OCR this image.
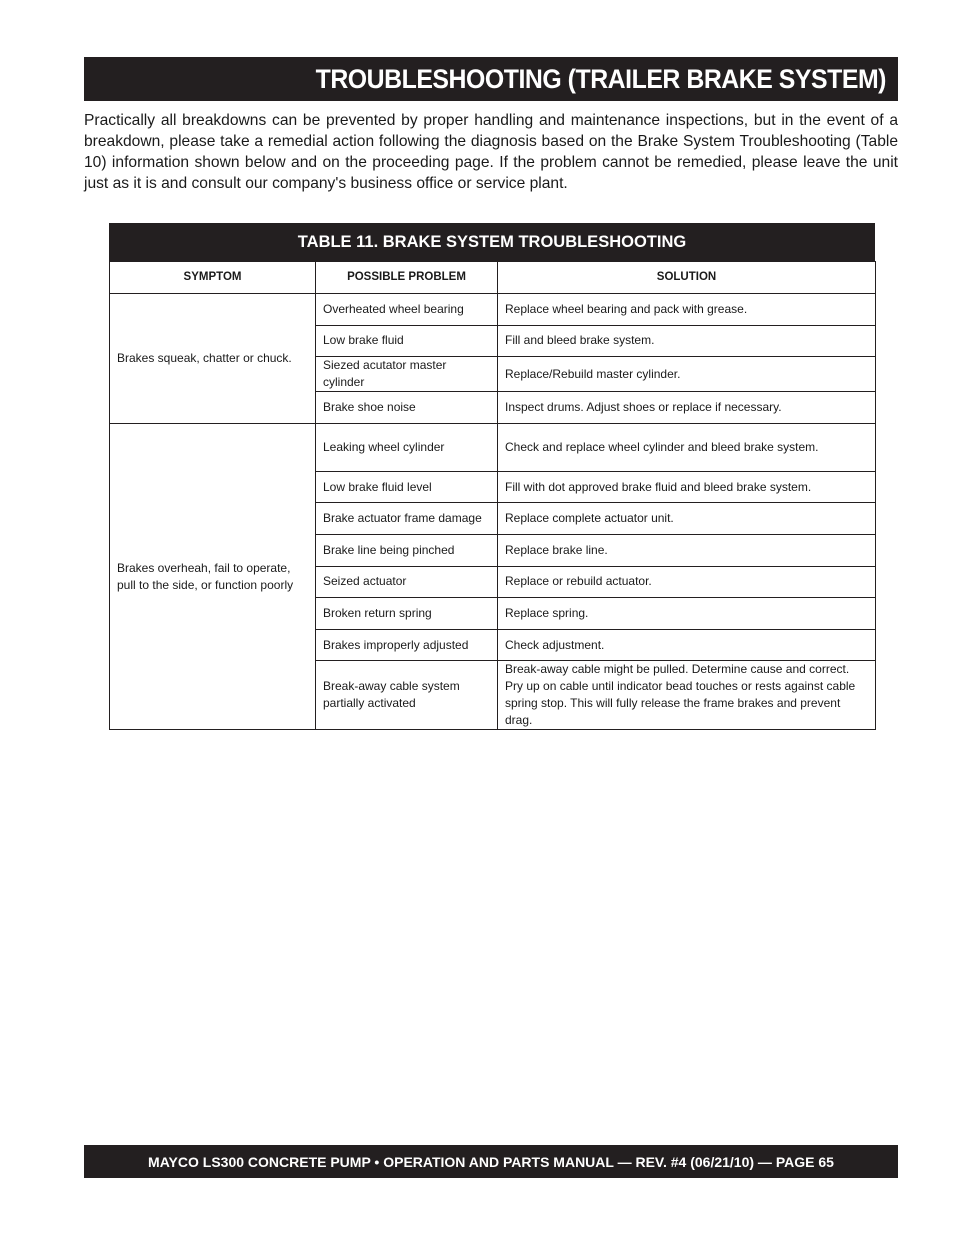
TROUBLESHOOTING (TRAILER BRAKE SYSTEM)

Practically all breakdowns can be prevented by proper handling and maintenance inspections, but in the event of a breakdown, please take a remedial action following the diagnosis based on the Brake System Troubleshooting (Table 10) information shown below and on the proceeding page. If the problem cannot be remedied, please leave the unit just as it is and consult our company's business office or service plant.

TABLE 11. BRAKE SYSTEM TROUBLESHOOTING
SYMPTOM	POSSIBLE PROBLEM	SOLUTION
Brakes squeak, chatter or chuck.	Overheated wheel bearing	Replace wheel bearing and pack with grease.
	Low brake fluid	Fill and bleed brake system.
	Siezed acutator master cylinder	Replace/Rebuild master cylinder.
	Brake shoe noise	Inspect drums. Adjust shoes or replace if necessary.
Brakes overheah, fail to operate, pull to the side, or function poorly	Leaking wheel cylinder	Check and replace wheel cylinder and bleed brake system.
	Low brake fluid level	Fill with dot approved brake fluid and bleed brake system.
	Brake actuator frame damage	Replace complete actuator unit.
	Brake line being pinched	Replace brake line.
	Seized actuator	Replace or rebuild actuator.
	Broken return spring	Replace spring.
	Brakes improperly adjusted	Check adjustment.
	Break-away cable system partially activated	Break-away cable might be pulled. Determine cause and correct. Pry up on cable until indicator bead touches or rests against cable spring stop. This will fully release the frame brakes and prevent drag.
MAYCO LS300 CONCRETE PUMP • OPERATION AND PARTS MANUAL — REV. #4 (06/21/10) — PAGE 65
